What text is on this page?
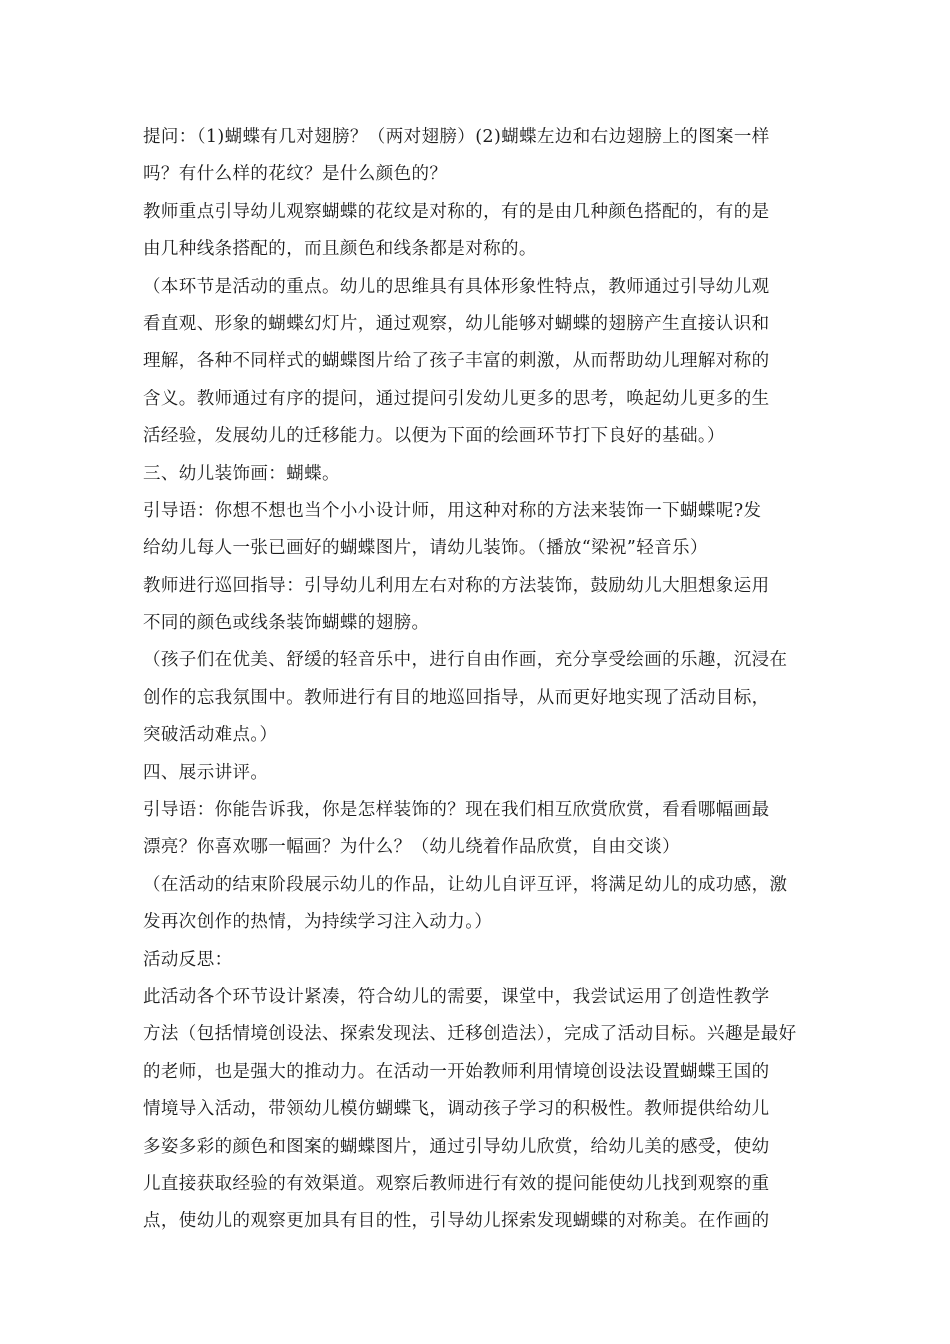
提问：（1)蝴蝶有几对翅膀？（两对翅膀）(2)蝴蝶左边和右边翅膀上的图案一样
吗？有什么样的花纹？是什么颜色的？
教师重点引导幼儿观察蝴蝶的花纹是对称的，有的是由几种颜色搭配的，有的是
由几种线条搭配的，而且颜色和线条都是对称的。
（本环节是活动的重点。幼儿的思维具有具体形象性特点，教师通过引导幼儿观
看直观、形象的蝴蝶幻灯片，通过观察，幼儿能够对蝴蝶的翅膀产生直接认识和
理解，各种不同样式的蝴蝶图片给了孩子丰富的刺激，从而帮助幼儿理解对称的
含义。教师通过有序的提问，通过提问引发幼儿更多的思考，唤起幼儿更多的生
活经验，发展幼儿的迁移能力。以便为下面的绘画环节打下良好的基础。）
三、幼儿装饰画：蝴蝶。
引导语：你想不想也当个小小设计师，用这种对称的方法来装饰一下蝴蝶呢?发
给幼儿每人一张已画好的蝴蝶图片，请幼儿装饰。（播放“梁祝”轻音乐）
教师进行巡回指导：引导幼儿利用左右对称的方法装饰，鼓励幼儿大胆想象运用
不同的颜色或线条装饰蝴蝶的翅膀。
（孩子们在优美、舒缓的轻音乐中，进行自由作画，充分享受绘画的乐趣，沉浸在
创作的忘我氛围中。教师进行有目的地巡回指导，从而更好地实现了活动目标，
突破活动难点。）
四、展示讲评。
引导语：你能告诉我，你是怎样装饰的？现在我们相互欣赏欣赏，看看哪幅画最
漂亮？你喜欢哪一幅画？为什么？（幼儿绕着作品欣赏，自由交谈）
（在活动的结束阶段展示幼儿的作品，让幼儿自评互评，将满足幼儿的成功感，激
发再次创作的热情，为持续学习注入动力。）
活动反思：
此活动各个环节设计紧凑，符合幼儿的需要，课堂中，我尝试运用了创造性教学
方法（包括情境创设法、探索发现法、迁移创造法），完成了活动目标。兴趣是最好
的老师，也是强大的推动力。在活动一开始教师利用情境创设法设置蝴蝶王国的
情境导入活动，带领幼儿模仿蝴蝶飞，调动孩子学习的积极性。教师提供给幼儿
多姿多彩的颜色和图案的蝴蝶图片，通过引导幼儿欣赏，给幼儿美的感受，使幼
儿直接获取经验的有效渠道。观察后教师进行有效的提问能使幼儿找到观察的重
点，使幼儿的观察更加具有目的性，引导幼儿探索发现蝴蝶的对称美。在作画的
